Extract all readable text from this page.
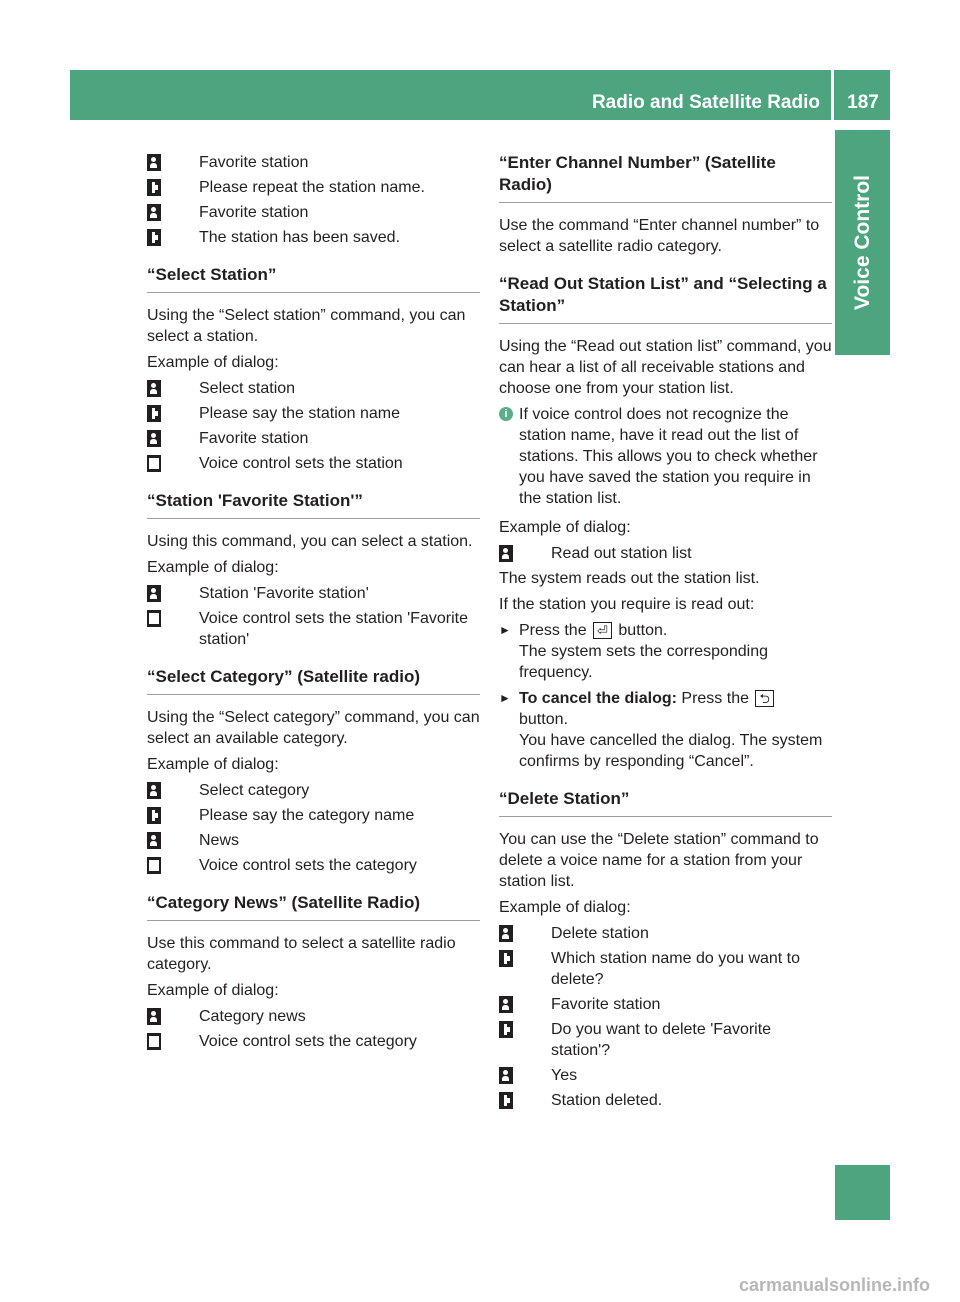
Radio and Satellite Radio	187
Voice Control
Favorite station
Please repeat the station name.
Favorite station
The station has been saved.
“Select Station”

Using the “Select station” command, you can select a station.

Example of dialog:

Select station
Please say the station name
Favorite station
Voice control sets the station
“Station 'Favorite Station'”

Using this command, you can select a station.

Example of dialog:

Station 'Favorite station'
Voice control sets the station 'Favorite station'
“Select Category” (Satellite radio)

Using the “Select category” command, you can select an available category.

Example of dialog:

Select category
Please say the category name
News
Voice control sets the category
“Category News” (Satellite Radio)

Use this command to select a satellite radio category.

Example of dialog:

Category news
Voice control sets the category
“Enter Channel Number” (Satellite Radio)

Use the command “Enter channel number” to select a satellite radio category.

“Read Out Station List” and “Selecting a Station”

Using the “Read out station list” command, you can hear a list of all receivable stations and choose one from your station list.

i If voice control does not recognize the station name, have it read out the list of stations. This allows you to check whether you have saved the station you require in the station list.

Example of dialog:

Read out station list

The system reads out the station list.

If the station you require is read out:

► Press the ⏎ button.
The system sets the corresponding frequency.
► To cancel the dialog: Press the ⮌
button.
You have cancelled the dialog. The system confirms by responding “Cancel”.
“Delete Station”

You can use the “Delete station” command to delete a voice name for a station from your station list.

Example of dialog:

Delete station
Which station name do you want to delete?
Favorite station
Do you want to delete 'Favorite station'?
Yes
Station deleted.
carmanualsonline.info
